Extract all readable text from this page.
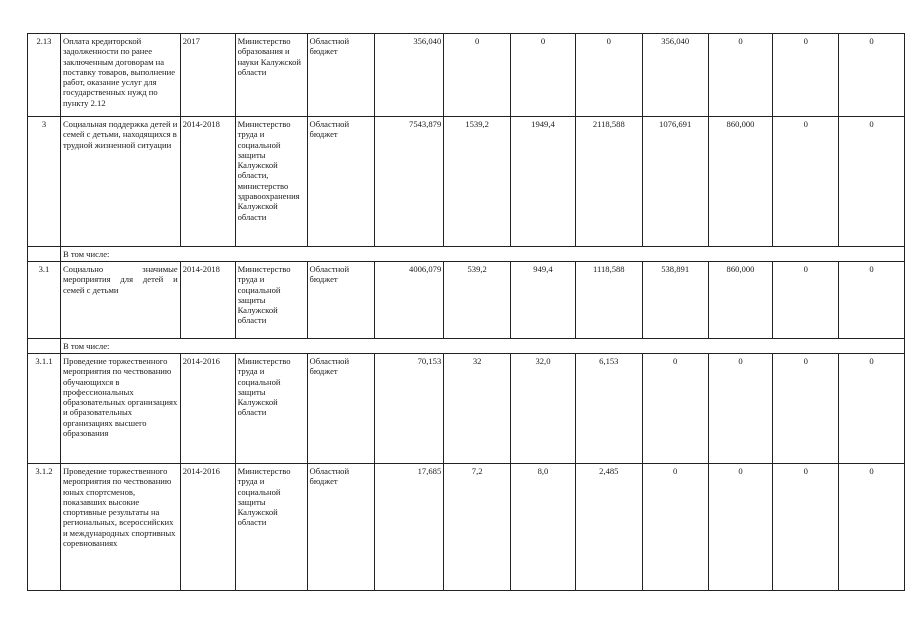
2.13	Оплата кредиторской задолженности по ранее заключенным договорам на поставку товаров, выполнение работ, оказание услуг для государственных нужд по пункту 2.12	2017	Министерство образования и науки Калужской области	Областной бюджет	356,040	0	0	0	356,040	0	0	0
3	Социальная поддержка детей и семей с детьми, находящихся в трудной жизненной ситуации	2014-2018	Министерство труда и социальной защиты Калужской области, министерство здравоохранения Калужской области	Областной бюджет	7543,879	1539,2	1949,4	2118,588	1076,691	860,000	0	0
	В том числе:											
3.1	Социально значимые мероприятия для детей и семей с детьми	2014-2018	Министерство труда и социальной защиты Калужской области	Областной бюджет	4006,079	539,2	949,4	1118,588	538,891	860,000	0	0
	В том числе:											
3.1.1	Проведение торжественного мероприятия по чествованию обучающихся в профессиональных образовательных организациях и образовательных организациях высшего образования	2014-2016	Министерство труда и социальной защиты Калужской области	Областной бюджет	70,153	32	32,0	6,153	0	0	0	0
3.1.2	Проведение торжественного мероприятия по чествованию юных спортсменов, показавших высокие спортивные результаты на региональных, всероссийских и международных спортивных соревнованиях	2014-2016	Министерство труда и социальной защиты Калужской области	Областной бюджет	17,685	7,2	8,0	2,485	0	0	0	0
